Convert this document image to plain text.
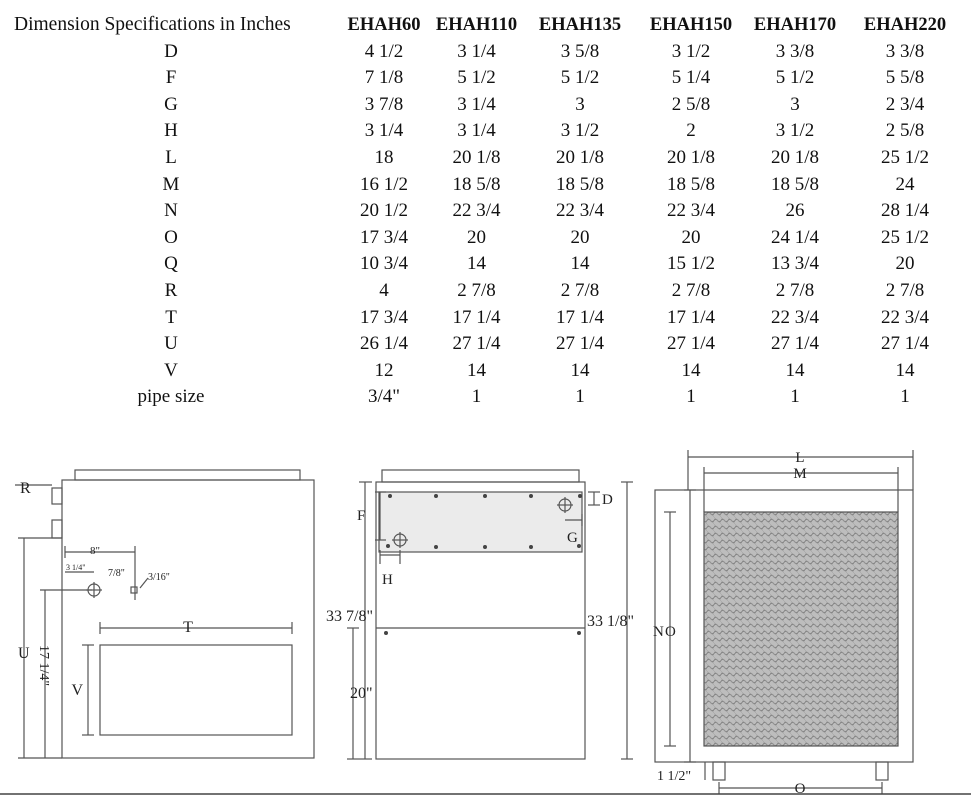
Dimension Specifications in Inches	EHAH60	EHAH110	EHAH135	EHAH150	EHAH170	EHAH220
D	4 1/2	3 1/4	3 5/8	3 1/2	3 3/8	3 3/8
F	7 1/8	5 1/2	5 1/2	5 1/4	5 1/2	5 5/8
G	3 7/8	3 1/4	3	2 5/8	3	2 3/4
H	3 1/4	3 1/4	3 1/2	2	3 1/2	2 5/8
L	18	20 1/8	20 1/8	20 1/8	20 1/8	25 1/2
M	16 1/2	18 5/8	18 5/8	18 5/8	18 5/8	24
N	20 1/2	22 3/4	22 3/4	22 3/4	26	28 1/4
O	17 3/4	20	20	20	24 1/4	25 1/2
Q	10 3/4	14	14	15 1/2	13 3/4	20
R	4	2 7/8	2 7/8	2 7/8	2 7/8	2 7/8
T	17 3/4	17 1/4	17 1/4	17 1/4	22 3/4	22 3/4
U	26 1/4	27 1/4	27 1/4	27 1/4	27 1/4	27 1/4
V	12	14	14	14	14	14
pipe size	3/4"	1	1	1	1	1
R
U 17 1/4"
8"
3 1/4"
7/8" 3/16"
T
V
F
H
G
D
33 7/8"	33 1/8"
20"
L
M
N O
O
1 1/2"
